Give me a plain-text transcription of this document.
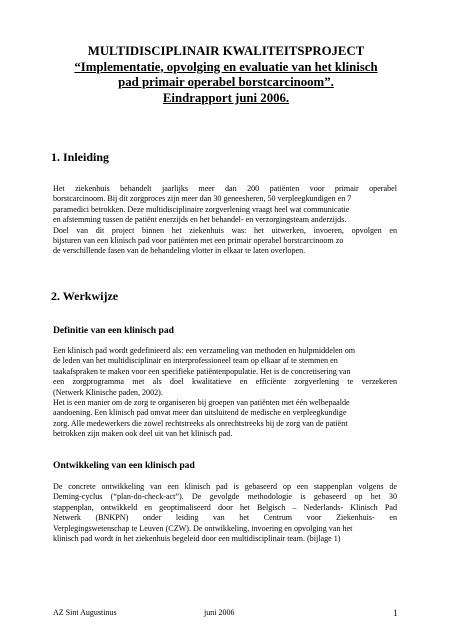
MULTIDISCIPLINAIR KWALITEITSPROJECT
“Implementatie, opvolging en evaluatie van het klinisch
pad primair operabel borstcarcinoom”.
Eindrapport juni 2006.
1. Inleiding
Het ziekenhuis behandelt jaarlijks meer dan 200 patiënten voor primair operabel
borstcarcinoom. Bij dit zorgproces zijn meer dan 30 geneesheren, 50 verpleegkundigen en 7
paramedici betrokken. Deze multidisciplinaire zorgverlening vraagt heel wat communicatie
en afstemming tussen de patiënt enerzijds en het behandel- en verzorgingsteam anderzijds.
Doel van dit project binnen het ziekenhuis was: het uitwerken, invoeren, opvolgen en
bijsturen van een klinisch pad voor patiënten met een primair operabel borstcarcinoom zo
de verschillende fasen van de behandeling vlotter in elkaar te laten overlopen.
2. Werkwijze
Definitie van een klinisch pad
Een klinisch pad wordt gedefinieerd als: een verzameling van methoden en hulpmiddelen om
de leden van het multidisciplinair en interprofessioneel team op elkaar af te stemmen en
taakafspraken te maken voor een specifieke patiëntenpopulatie. Het is de concretisering van
een zorgprogramma met als doel kwalitatieve en efficiënte zorgverlening te verzekeren
(Netwerk Klinische paden, 2002).
Het is een manier om de zorg te organiseren bij groepen van patiënten met één welbepaalde
aandoening. Een klinisch pad omvat meer dan uitsluitend de medische en verpleegkundige
zorg. Alle medewerkers die zowel rechtstreeks als onrechtstreeks bij de zorg van de patiënt
betrokken zijn maken ook deel uit van het klinisch pad.
Ontwikkeling van een klinisch pad
De concrete ontwikkeling van een klinisch pad is gebaseerd op een stappenplan volgens de
Deming-cyclus (“plan-do-check-act”). De gevolgde methodologie is gebaseerd op het 30
stappenplan, ontwikkeld en geoptimaliseerd door het Belgisch – Nederlands- Klinisch Pad
Netwerk (BNKPN) onder leiding van het Centrum voor Ziekenhuis- en
Verplegingswetenschap te Leuven (CZW). De ontwikkeling, invoering en opvolging van het
klinisch pad wordt in het ziekenhuis begeleid door een multidisciplinair team. (bijlage 1)
AZ Sint Augustinus	juni 2006	1
